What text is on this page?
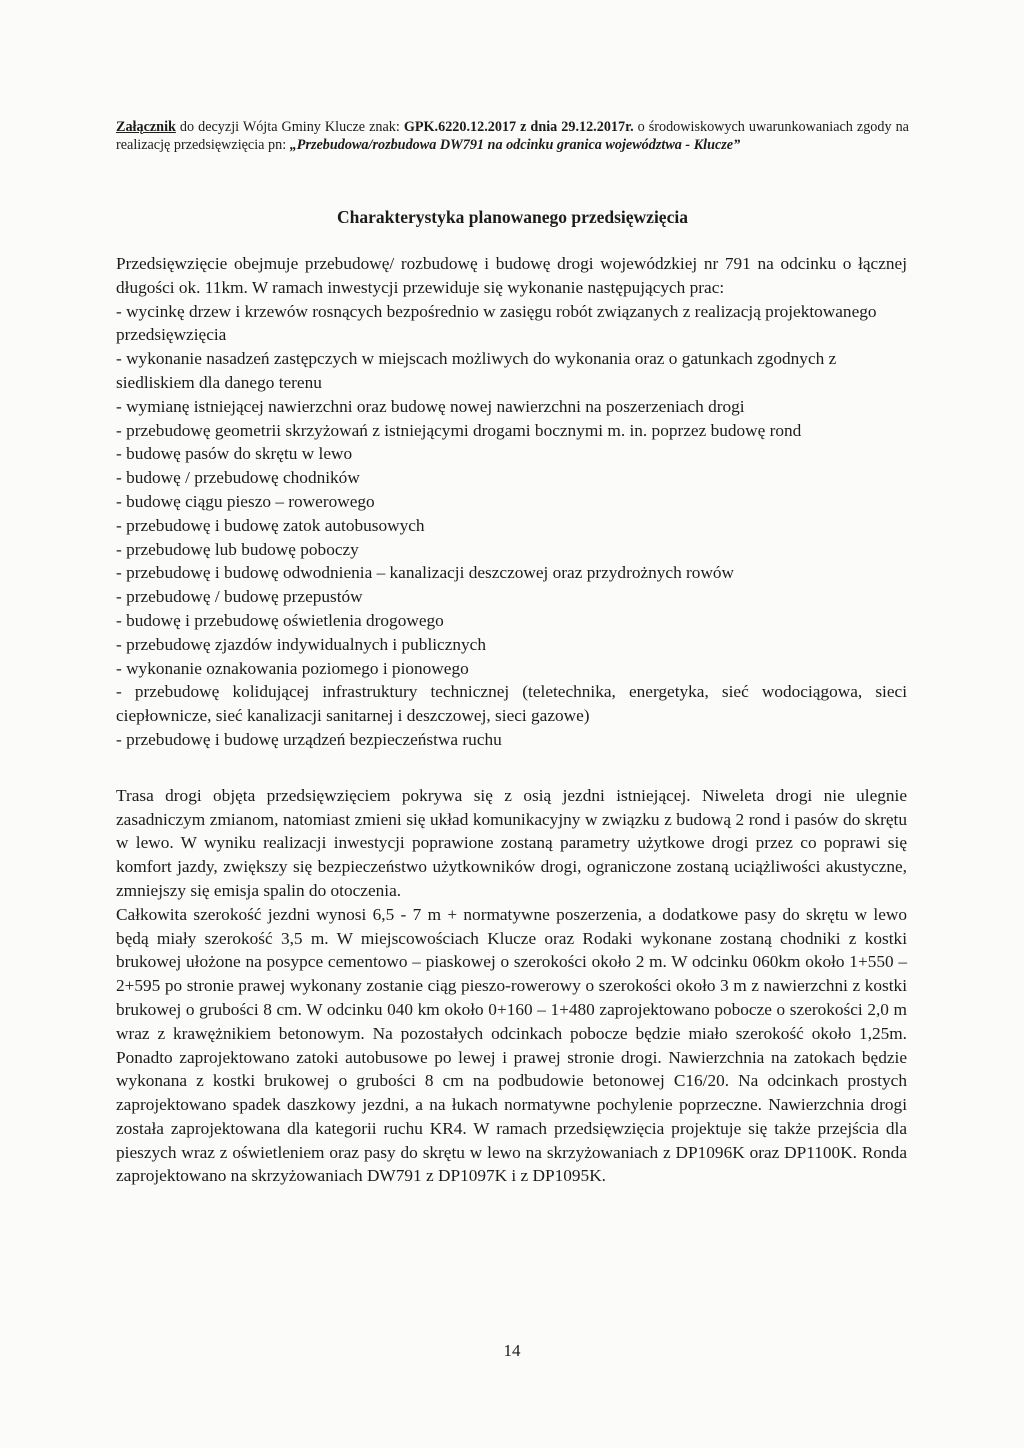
Załącznik do decyzji Wójta Gminy Klucze znak: GPK.6220.12.2017 z dnia 29.12.2017r. o środowiskowych uwarunkowaniach zgody na realizację przedsięwzięcia pn: „Przebudowa/rozbudowa DW791 na odcinku granica województwa - Klucze”
Charakterystyka planowanego przedsięwzięcia

Przedsięwzięcie obejmuje przebudowę/ rozbudowę i budowę drogi wojewódzkiej nr 791 na odcinku o łącznej długości ok. 11km. W ramach inwestycji przewiduje się wykonanie następujących prac:

- wycinkę drzew i krzewów rosnących bezpośrednio w zasięgu robót związanych z realizacją projektowanego przedsięwzięcia
- wykonanie nasadzeń zastępczych w miejscach możliwych do wykonania oraz o gatunkach zgodnych z siedliskiem dla danego terenu
- wymianę istniejącej nawierzchni oraz budowę nowej nawierzchni na poszerzeniach drogi
- przebudowę geometrii skrzyżowań z istniejącymi drogami bocznymi m. in. poprzez budowę rond
- budowę pasów do skrętu w lewo
- budowę / przebudowę chodników
- budowę ciągu pieszo – rowerowego
- przebudowę i budowę zatok autobusowych
- przebudowę lub budowę poboczy
- przebudowę i budowę odwodnienia – kanalizacji deszczowej oraz przydrożnych rowów
- przebudowę / budowę przepustów
- budowę i przebudowę oświetlenia drogowego
- przebudowę zjazdów indywidualnych i publicznych
- wykonanie oznakowania poziomego i pionowego
- przebudowę kolidującej infrastruktury technicznej (teletechnika, energetyka, sieć wodociągowa, sieci ciepłownicze, sieć kanalizacji sanitarnej i deszczowej, sieci gazowe)
- przebudowę i budowę urządzeń bezpieczeństwa ruchu

Trasa drogi objęta przedsięwzięciem pokrywa się z osią jezdni istniejącej. Niweleta drogi nie ulegnie zasadniczym zmianom, natomiast zmieni się układ komunikacyjny w związku z budową 2 rond i pasów do skrętu w lewo. W wyniku realizacji inwestycji poprawione zostaną parametry użytkowe drogi przez co poprawi się komfort jazdy, zwiększy się bezpieczeństwo użytkowników drogi, ograniczone zostaną uciążliwości akustyczne, zmniejszy się emisja spalin do otoczenia.

Całkowita szerokość jezdni wynosi 6,5 - 7 m + normatywne poszerzenia, a dodatkowe pasy do skrętu w lewo będą miały szerokość 3,5 m. W miejscowościach Klucze oraz Rodaki wykonane zostaną chodniki z kostki brukowej ułożone na posypce cementowo – piaskowej o szerokości około 2 m. W odcinku 060km około 1+550 – 2+595 po stronie prawej wykonany zostanie ciąg pieszo-rowerowy o szerokości około 3 m z nawierzchni z kostki brukowej o grubości 8 cm. W odcinku 040 km około 0+160 – 1+480 zaprojektowano pobocze o szerokości 2,0 m wraz z krawężnikiem betonowym. Na pozostałych odcinkach pobocze będzie miało szerokość około 1,25m. Ponadto zaprojektowano zatoki autobusowe po lewej i prawej stronie drogi. Nawierzchnia na zatokach będzie wykonana z kostki brukowej o grubości 8 cm na podbudowie betonowej C16/20. Na odcinkach prostych zaprojektowano spadek daszkowy jezdni, a na łukach normatywne pochylenie poprzeczne. Nawierzchnia drogi została zaprojektowana dla kategorii ruchu KR4. W ramach przedsięwzięcia projektuje się także przejścia dla pieszych wraz z oświetleniem oraz pasy do skrętu w lewo na skrzyżowaniach z DP1096K oraz DP1100K. Ronda zaprojektowano na skrzyżowaniach DW791 z DP1097K i z DP1095K.

14
